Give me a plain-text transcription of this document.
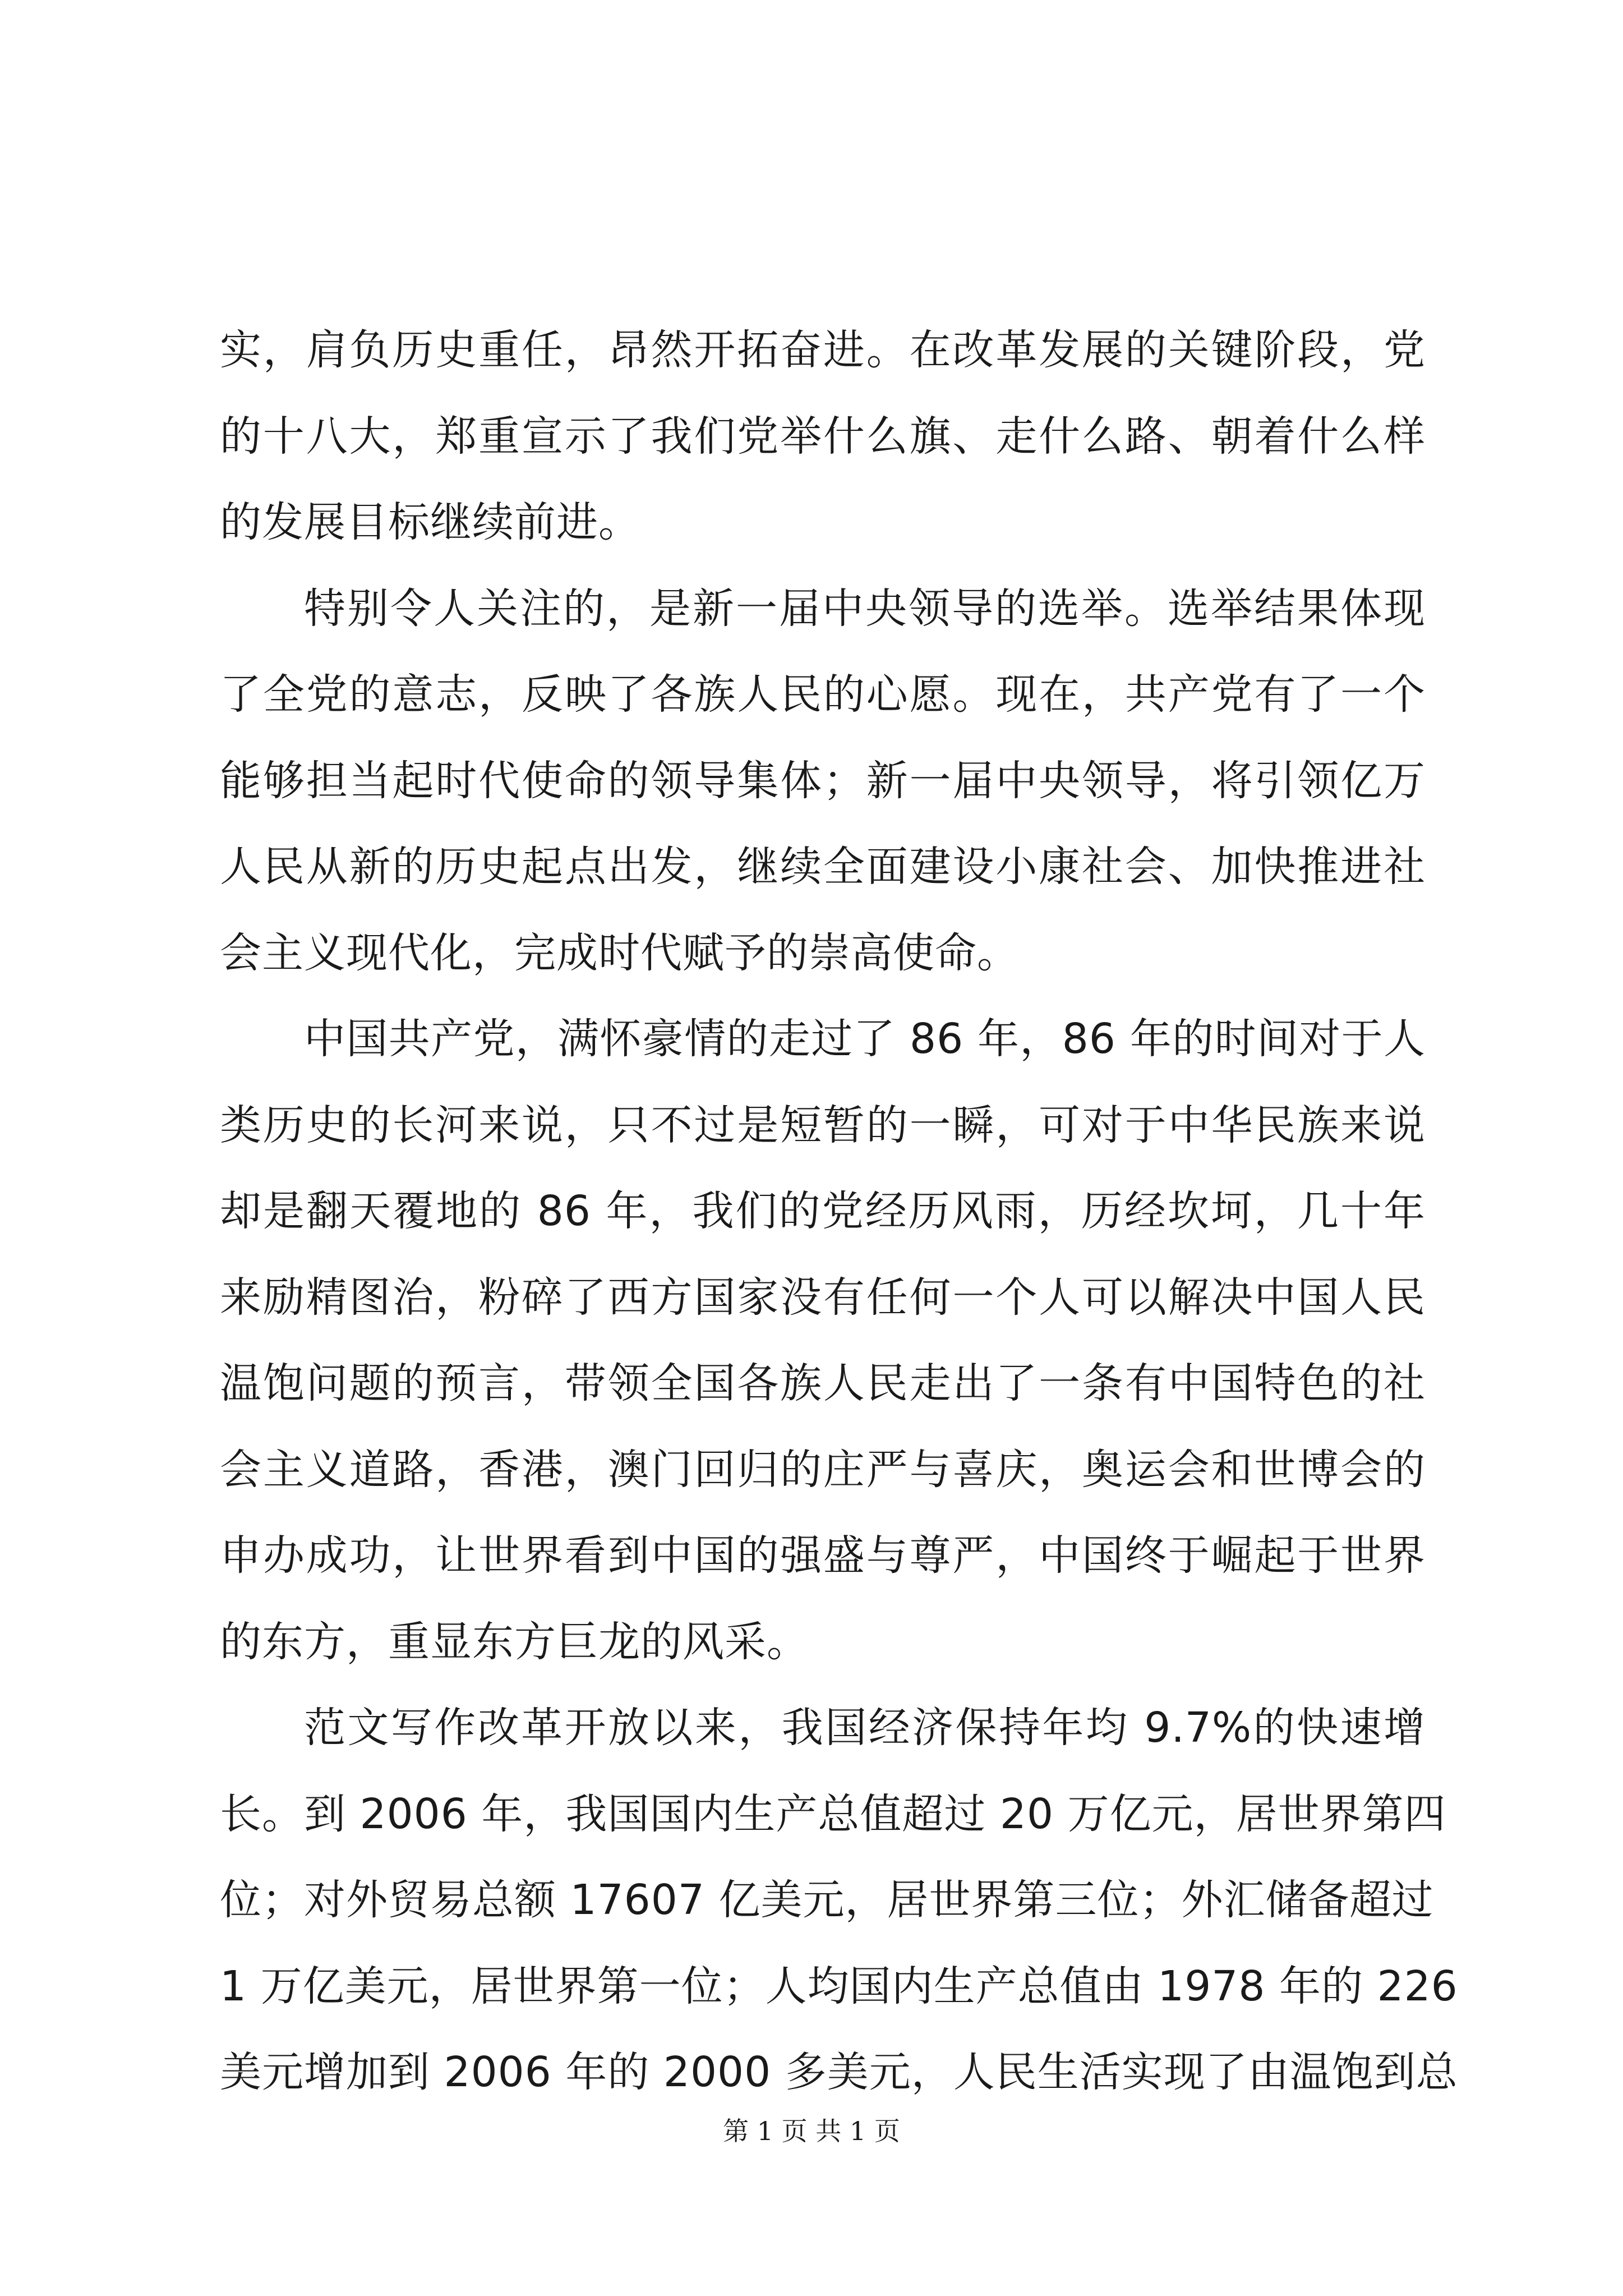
实，肩负历史重任，昂然开拓奋进。在改革发展的关键阶段，党
的十八大，郑重宣示了我们党举什么旗、走什么路、朝着什么样
的发展目标继续前进。
特别令人关注的，是新一届中央领导的选举。选举结果体现
了全党的意志，反映了各族人民的心愿。现在，共产党有了一个
能够担当起时代使命的领导集体；新一届中央领导，将引领亿万
人民从新的历史起点出发，继续全面建设小康社会、加快推进社
会主义现代化，完成时代赋予的崇高使命。
中国共产党，满怀豪情的走过了 86 年，86 年的时间对于人
类历史的长河来说，只不过是短暂的一瞬，可对于中华民族来说
却是翻天覆地的 86 年，我们的党经历风雨，历经坎坷，几十年
来励精图治，粉碎了西方国家没有任何一个人可以解决中国人民
温饱问题的预言，带领全国各族人民走出了一条有中国特色的社
会主义道路，香港，澳门回归的庄严与喜庆，奥运会和世博会的
申办成功，让世界看到中国的强盛与尊严，中国终于崛起于世界
的东方，重显东方巨龙的风采。
范文写作改革开放以来，我国经济保持年均 9.7%的快速增
长。到 2006 年，我国国内生产总值超过 20 万亿元，居世界第四
位；对外贸易总额 17607 亿美元，居世界第三位；外汇储备超过
1 万亿美元，居世界第一位；人均国内生产总值由 1978 年的 226
美元增加到 2006 年的 2000 多美元，人民生活实现了由温饱到总
第 1 页 共 1 页
